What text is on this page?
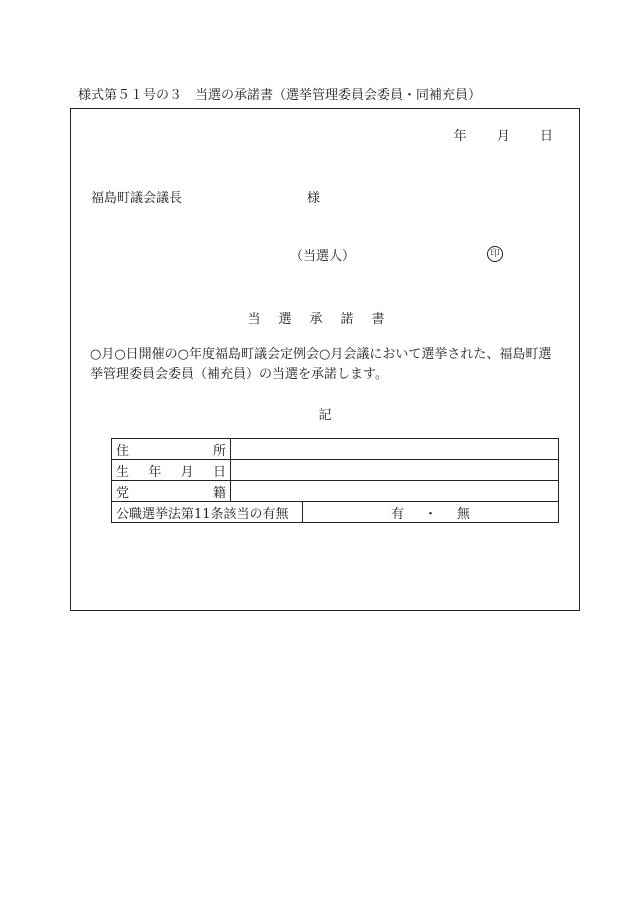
様式第５１号の３　当選の承諾書（選挙管理委員会委員・同補充員）
年 月 日
福島町議会議長	様
（当選人）	印
当選承諾書
○月○日開催の○年度福島町議会定例会○月会議において選挙された、福島町選挙管理委員会委員（補充員）の当選を承諾します。
記
住 所	

生 年 月 日	

党 籍	

公職選挙法第11条該当の有無	有 ・ 無
